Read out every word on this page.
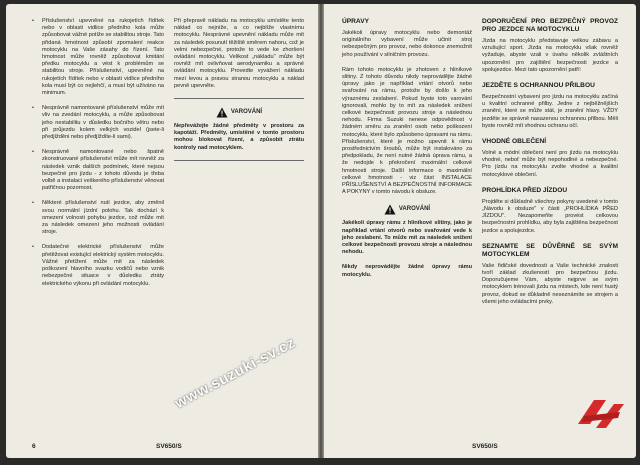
•	Příslušenství upevněné na rukojetích řídítek nebo v oblasti vidlice předního kola může způsobovat vážné potíže se stabilitou stroje. Tato přidaná hmotnost způsobí zpomalení reakce motocyklu na Vaše zásahy do řízení. Tato hmotnost může rovněž způsobovat kmitání předku motocyklu a vést k problémům se stabilitou stroje. Příslušenství, upevněné na rukojetích řídítek nebo v oblasti vidlice předního kola musí být co nejlehčí, a musí být užíváno na minimum.
•	Nesprávně namontované příslušenství může mít vliv na zvedání motocyklu, a může způsobovat jeho nestabilitu v důsledku bočního větru nebo při průjezdu kolem velkých vozidel (jsete-li předjížděni nebo předjíždíte-li sami).
•	Nesprávně namontované nebo špatně zkonstruované příslušenství může mít rovněž za následek vznik dalších podmínek, které nejsou bezpečné pro jízdu - z tohoto důvodu je třeba volbě a instalaci veškerého příslušenství věnovat patřičnou pozornost.
•	Některé příslušenství nutí jezdce, aby změnil svou normální jízdní polohu. Tak dochází k omezení volnosti pohybu jezdce, což může mít za následek omezení jeho možnosti ovládání stroje.
•	Dodatečné elektrické příslušenství může přetěžovat existující elektrický systém motocyklu. Vážné přetížení může mít za následek poškození hlavního svazku vodičů nebo vznik nebezpečné situace v důsledku ztráty elektrického výkonu při ovládání motocyklu.
Při přepravě nákladu na motocyklu umístěte tento náklad co nejníže, a co nejblíže vlastnímu motocyklu. Nesprávné upevnění nákladu může mít za následek posunutí těžiště směrem nahoru, což je velmi nebezpečné, protože to vede ke zhoršení ovládání motocyklu. Velikost „nákladu" může být rovněž mít ovlivňovat aerodynamiku a správné ovládání motocyklu. Provedte vyvážení nákladu mezi levou a pravou stranou motocyklu a náklad pevně upevněte.
VAROVÁNÍ
Nepřevážejte žádné předměty v prostoru za kapotáží. Předměty, umístěné v tomto prostoru mohou blokovat řízení, a způsobit ztrátu kontroly nad motocyklem.
6	SV650/S
www.suzuki-sv.cz
ÚPRAVY
Jakékoli úpravy motocyklu nebo demontáž originálního vybavení může učinit stroj nebezpečným pro provoz, nebo dokonce znemožnit jeho používání v silničním provozu.
Rám tohoto motocyklu je zhotoven z hliníkové slitiny. Z tohoto důvodu nikdy neprovádějte žádné úpravy jako je například vrtání otvorů nebo svařování na rámu, protože by došlo k jeho výraznému zeslabení. Pokud byste toto varování ignorovali, mohlo by to mít za následek snížení celkové bezpečnosti provozu stroje a následnou nehodu. Firma Suzuki nenese odpovědnost v žádném směru za zranění osob nebo poškození motocyklu, které bylo způsobeno úpravami na rámu. Příslušenství, které je možno upevnit k rámu prostřednictvím šroubů, může být instalováno za předpokladu, že není nutné žádná úprava rámu, a že nedojde k překročení maximální celkové hmotnosti stroje. Další informace o maximální celkové hmotnosti - viz část INSTALACE PŘÍSLUŠENSTVÍ A BEZPEČNOSTNÍ INFORMACE A POKYNY v tomto návodu k obsluze.
VAROVÁNÍ
Jakékoli úpravy rámu z hliníkové slitiny, jako je například vrtání otvorů nebo svařování vede k jeho zeslabení. To může mít za následek snížení celkové bezpečnosti provozu stroje a následnou nehodu.
Nikdy neprovádějte žádné úpravy rámu motocyklu.
DOPORUČENÍ PRO BEZPEČNÝ PROVOZ PRO JEZDCE NA MOTOCYKLU
Jízda na motocyklu představuje velkou zábavu a vzrušující sport. Jízda na motocyklu však rovněž vyžaduje, abyste vzali v úvahu několik zvláštních upozornění pro zajištění bezpečnosti jezdce a spolujezdce. Mezi tato upozornění patří:
JEZDĚTE S OCHRANNOU PŘILBOU
Bezpečnostní vybavení pro jízdu na motocyklu začíná u kvalitní ochranné přilby. Jedne z nejběžnějších zranění, které se může stát, je zranění hlavy. VŽDY jezděte se správně nasazenou ochrannou přilbou. Měli byste rovněž mít vhodnou ochranu očí.
VHODNÉ OBLEČENÍ
Volné a módní oblečení není pro jízdu na motocyklu vhodné, neboť může být nepohodlné a nebezpečné. Pro jízdu na motocyklu zvolte vhodné a kvalitní motocyklové oblečení.
PROHLÍDKA PŘED JÍZDOU
Projděte si důkladně všechny pokyny uvedené v tomto „Návodu k obsluze" v části „PROHLÍDKA PŘED JÍZDOU". Nezapomeňte provést celkovou bezpečnostní prohlídku, aby byla zajištěna bezpečnost jezdce a spolujezdce.
SEZNAMTE SE DŮVĚRNĚ SE SVÝM MOTOCYKLEM
Vaše řidičské dovednosti a Vaše technické znalosti tvoří základ zkušeností pro bezpečnou jízdu. Doporučujeme Vám, abyste nejprve se svým motocyklem trénovali jízdu na místech, kde není hustý provoz, dokud se důkladně neseznámíte se strojem a všemi jeho ovládacími prvky.
SV650/S
